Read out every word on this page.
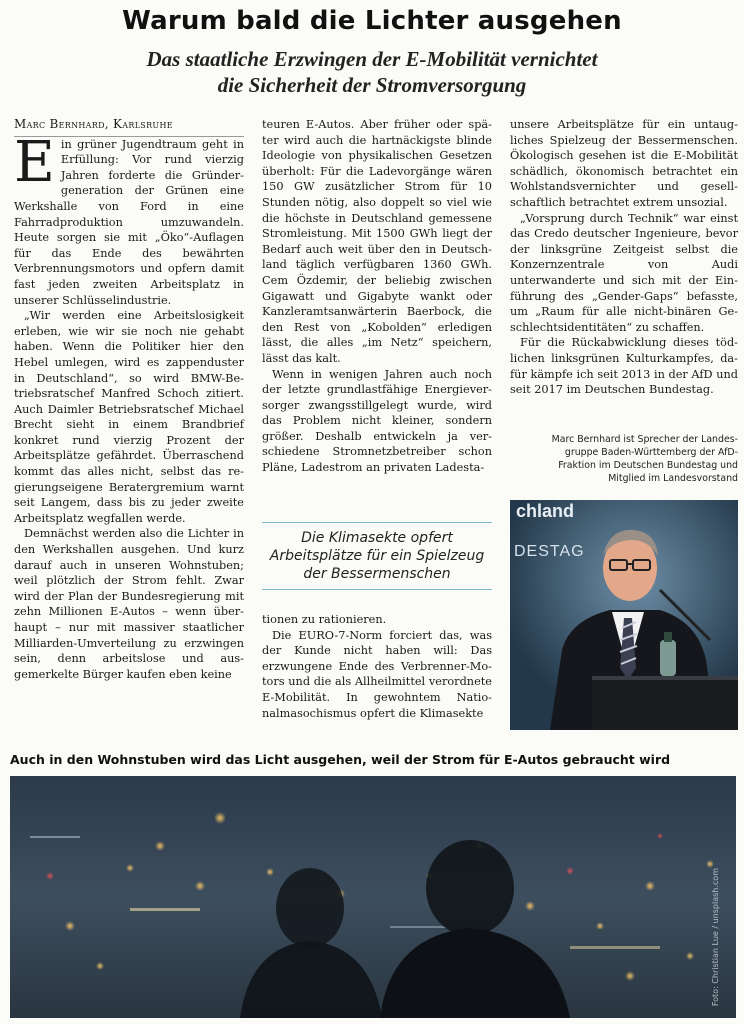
Warum bald die Lichter ausgehen
Das staatliche Erzwingen der E-Mobilität vernichtet
die Sicherheit der Stromversorgung

Marc Bernhard, Karlsruhe

Ein grüner Jugendtraum geht in Erfüllung: Vor rund vierzig Jahren forderte die Gründergeneration der Grünen eine Werkshalle von Ford in eine Fahrradproduktion umzuwandeln. Heute sorgen sie mit „Öko“-Auflagen für das Ende des bewährten Verbrennungsmotors und opfern damit fast jeden zweiten Arbeitsplatz in unserer Schlüsselindustrie.

„Wir werden eine Arbeitslosigkeit erleben, wie wir sie noch nie gehabt haben. Wenn die Politiker hier den Hebel umlegen, wird es zappenduster in Deutschland“, so wird BMW-Betriebsratschef Manfred Schoch zitiert. Auch Daimler Betriebsratschef Michael Brecht sieht in einem Brandbrief konkret rund vierzig Prozent der Arbeitsplätze gefährdet. Überraschend kommt das alles nicht, selbst das regierungseigene Beratergremium warnt seit Langem, dass bis zu jeder zweite Arbeitsplatz wegfallen werde.

Demnächst werden also die Lichter in den Werkshallen ausgehen. Und kurz darauf auch in unseren Wohnstuben; weil plötzlich der Strom fehlt. Zwar wird der Plan der Bundesregierung mit zehn Millionen E-Autos – wenn überhaupt – nur mit massiver staatlicher Milliarden-Umverteilung zu erzwingen sein, denn arbeitslose und ausgemerkelte Bürger kaufen eben keine

teuren E-Autos. Aber früher oder später wird auch die hartnäckigste blinde Ideologie von physikalischen Gesetzen überholt: Für die Ladevorgänge wären 150 GW zusätzlicher Strom für 10 Stunden nötig, also doppelt so viel wie die höchste in Deutschland gemessene Stromleistung. Mit 1500 GWh liegt der Bedarf auch weit über den in Deutschland täglich verfügbaren 1360 GWh. Cem Özdemir, der beliebig zwischen Gigawatt und Gigabyte wankt oder Kanzleramtsanwärterin Baerbock, die den Rest von „Kobolden“ erledigen lässt, die alles „im Netz“ speichern, lässt das kalt.

Wenn in wenigen Jahren auch noch der letzte grundlastfähige Energieversorger zwangsstillgelegt wurde, wird das Problem nicht kleiner, sondern größer. Deshalb entwickeln ja verschiedene Stromnetzbetreiber schon Pläne, Ladestrom an privaten Ladesta-

Die Klimasekte opfert Arbeitsplätze für ein Spielzeug der Bessermenschen

tionen zu rationieren.

Die EURO-7-Norm forciert das, was der Kunde nicht haben will: Das erzwungene Ende des Verbrenner-Motors und die als Allheilmittel verordnete E-Mobilität. In gewohntem Nationalmasochismus opfert die Klimasekte

unsere Arbeitsplätze für ein untaugliches Spielzeug der Bessermenschen. Ökologisch gesehen ist die E-Mobilität schädlich, ökonomisch betrachtet ein Wohlstandsvernichter und gesellschaftlich betrachtet extrem unsozial.

„Vorsprung durch Technik“ war einst das Credo deutscher Ingenieure, bevor der linksgrüne Zeitgeist selbst die Konzernzentrale von Audi unterwanderte und sich mit der Einführung des „Gender-Gaps“ befasste, um „Raum für alle nicht-binären Geschlechtsidentitäten“ zu schaffen.

Für die Rückabwicklung dieses tödlichen linksgrünen Kulturkampfes, dafür kämpfe ich seit 2013 in der AfD und seit 2017 im Deutschen Bundestag.

Marc Bernhard ist Sprecher der Landes-
gruppe Baden-Württemberg der AfD-
Fraktion im Deutschen Bundestag und
Mitglied im Landesvorstand
chland
DESTAG
Auch in den Wohnstuben wird das Licht ausgehen, weil der Strom für E-Autos gebraucht wird
Foto: Christian Lue / unsplash.com
